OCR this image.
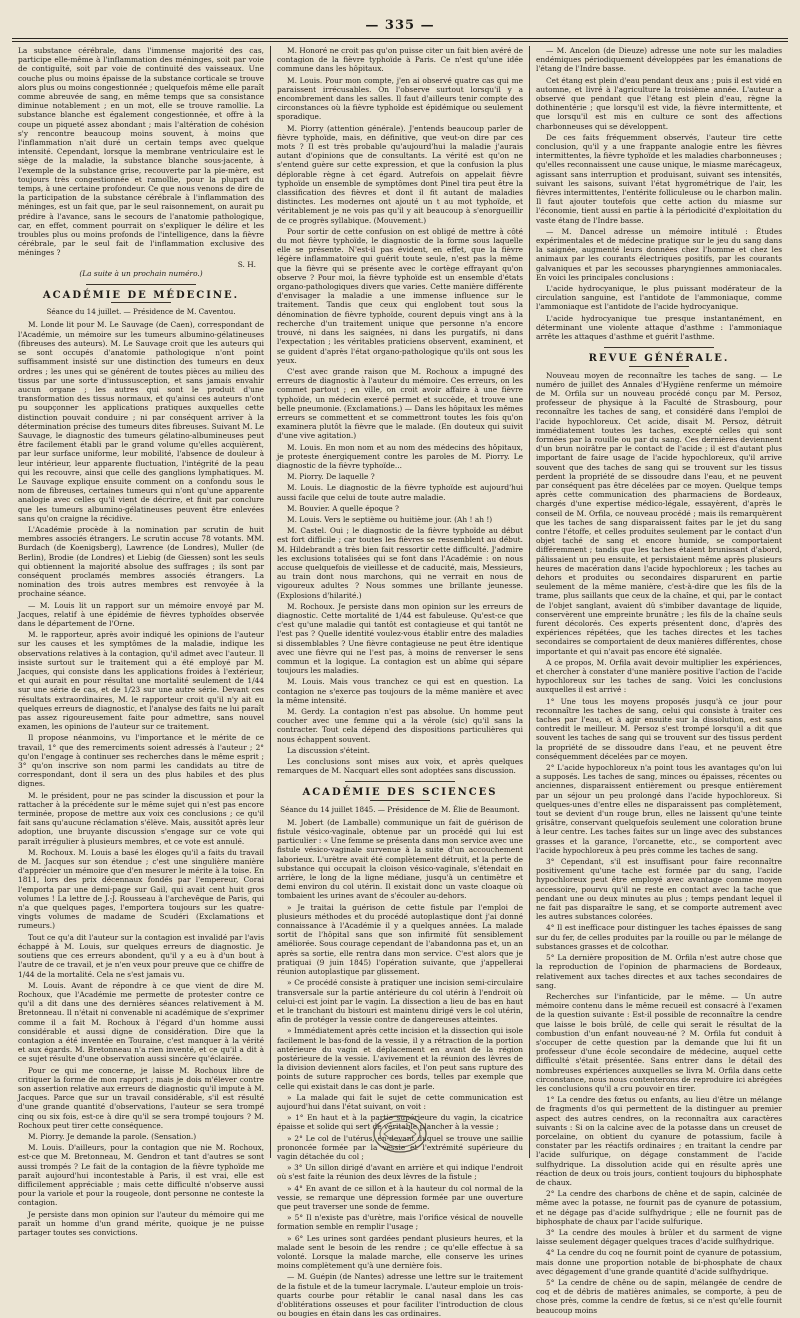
— 335 —

La substance cérébrale, dans l'immense majorité des cas, participe elle-même à l'inflammation des méninges, soit par voie de contiguïté, soit par voie de continuité des vaisseaux. Une couche plus ou moins épaisse de la substance corticale se trouve alors plus ou moins congestionnée ; quelquefois même elle paraît comme abreuvée de sang, en même temps que sa consistance diminue notablement ; en un mot, elle se trouve ramollie. La substance blanche est également congestionnée, et offre à la coupe un piqueté assez abondant ; mais l'altération de cohésion s'y rencontre beaucoup moins souvent, à moins que l'inflammation n'ait duré un certain temps avec quelque intensité. Cependant, lorsque la membrane ventriculaire est le siège de la maladie, la substance blanche sous-jacente, à l'exemple de la substance grise, recouverte par la pie-mère, est toujours très congestionnée et ramollie, pour la plupart du temps, à une certaine profondeur. Ce que nous venons de dire de la participation de la substance cérébrale à l'inflammation des méninges, est un fait que, par le seul raisonnement, on aurait pu prédire à l'avance, sans le secours de l'anatomie pathologique, car, en effet, comment pourrait on s'expliquer le délire et les troubles plus ou moins profonds de l'intelligence, dans la fièvre cérébrale, par le seul fait de l'inflammation exclusive des méninges ?

S. H.
(La suite à un prochain numéro.)
ACADÉMIE DE MÉDECINE.
Séance du 14 juillet. — Présidence de M. Caventou.

M. Londe lit pour M. Le Sauvage (de Caen), correspondant de l'Académie, un mémoire sur les tumeurs albumino-gélatineuses (fibreuses des auteurs). M. Le Sauvage croit que les auteurs qui se sont occupés d'anatomie pathologique n'ont point suffisamment insisté sur une distinction des tumeurs en deux ordres ; les unes qui se générent de toutes pièces au milieu des tissus par une sorte d'intussusception, et sans jamais envahir aucun organe ; les autres qui sont le produit d'une transformation des tissus normaux, et qu'ainsi ces auteurs n'ont pu soupçonner les applications pratiques auxquelles cette distinction pouvait conduire ; ni par conséquent arriver à la détermination précise des tumeurs dites fibreuses. Suivant M. Le Sauvage, le diagnostic des tumeurs gélatino-albumineuses peut être facilement établi par le grand volume qu'elles acquièrent, par leur surface uniforme, leur mobilité, l'absence de douleur à leur intérieur, leur apparente fluctuation, l'intégrité de la peau qui les recouvre, ainsi que celle des ganglions lymphatiques. M. Le Sauvage explique ensuite comment on a confondu sous le nom de fibreuses, certaines tumeurs qui n'ont qu'une apparente analogie avec celles qu'il vient de décrire, et finit par conclure que les tumeurs albumino-gélatineuses peuvent être enlevées sans qu'on craigne la récidive.

L'Académie procède à la nomination par scrutin de huit membres associés étrangers. Le scrutin accuse 78 votants. MM. Burdach (de Koenigsberg), Lawrence (de Londres), Muller (de Berlin), Brodie (de Londres) et Liebig (de Giessen) sont les seuls qui obtiennent la majorité absolue des suffrages ; ils sont par conséquent proclamés membres associés étrangers. La nomination des trois autres membres est renvoyée à la prochaine séance.

— M. Louis lit un rapport sur un mémoire envoyé par M. Jacques, relatif à une épidémie de fièvres typhoïdes observée dans le département de l'Orne.

M. le rapporteur, après avoir indiqué les opinions de l'auteur sur les causes et les symptômes de la maladie, indique les observations relatives à la contagion, qu'il admet avec l'auteur. Il insiste surtout sur le traitement qui a été employé par M. Jacques, qui consiste dans les applications froides à l'extérieur, et qui aurait en pour résultat une mortalité seulement de 1/44 sur une série de cas, et de 1/23 sur une autre série. Devant ces résultats extraordinaires, M. le rapporteur croit qu'il n'y ait eu quelques erreurs de diagnostic, et l'analyse des faits ne lui paraît pas assez rigoureusement faite pour admettre, sans nouvel examen, les opinions de l'auteur sur ce traitement.

Il propose néanmoins, vu l'importance et le mérite de ce travail, 1° que des remerciments soient adressés à l'auteur ; 2° qu'on l'engage à continuer ses recherches dans le même esprit ; 3° qu'on inscrive son nom parmi les candidats au titre de correspondant, dont il sera un des plus habiles et des plus dignes.

M. le président, pour ne pas scinder la discussion et pour la rattacher à la précédente sur le même sujet qui n'est pas encore terminée, propose de mettre aux voix ces conclusions ; ce qu'il fait sans qu'aucune réclamation s'élève. Mais, aussitôt après leur adoption, une bruyante discussion s'engage sur ce vote qui paraît irrégulier à plusieurs membres, et ce vote est annulé.

M. Rochoux. M. Louis a basé les éloges qu'il a faits du travail de M. Jacques sur son étendue ; c'est une singulière manière d'apprécier un mémoire que d'en mesurer le mérite à la toise. En 1811, lors des prix décennaux fondés par l'empereur, Corai l'emporta par une demi-page sur Gail, qui avait cent huit gros volumes ! La lettre de J.-J. Rousseau à l'archevêque de Paris, qui n'a que quelques pages, l'emportera toujours sur les quatre-vingts volumes de madame de Scudéri (Exclamations et rumeurs.)

Tout ce qu'a dit l'auteur sur la contagion est invalidé par l'avis échappé à M. Louis, sur quelques erreurs de diagnostic. Je soutiens que ces erreurs abondent, qu'il y a eu à d'un bout à l'autre de ce travail, et je n'en veux pour preuve que ce chiffre de 1/44 de la mortalité. Cela ne s'est jamais vu.

M. Louis. Avant de répondre à ce que vient de dire M. Rochoux, que l'Académie me permette de protester contre ce qu'il a dit dans une des dernières séances relativement à M. Bretonneau. Il n'était ni convenable ni académique de s'exprimer comme il a fait M. Rochoux à l'égard d'un homme aussi considérable et aussi digne de considération. Dire que la contagion a été inventée en Touraine, c'est manquer à la vérité et aux égards. M. Bretonneau n'a rien inventé, et ce qu'il a dit à ce sujet résulte d'une observation aussi sincère qu'éclairée.

Pour ce qui me concerne, je laisse M. Rochoux libre de critiquer la forme de mon rapport ; mais je dois m'élever contre son assertion relative aux erreurs de diagnostic qu'il impute à M. Jacques. Parce que sur un travail considérable, s'il est résulté d'une grande quantité d'observations, l'auteur se sera trompé cinq ou six fois, est-ce à dire qu'il se sera trompé toujours ? M. Rochoux peut tirer cette conséquence.

M. Piorry. Je demande la parole. (Sensation.)

M. Louis. D'ailleurs, pour la contagion que nie M. Rochoux, est-ce que M. Bretonneau, M. Gendron et tant d'autres se sont aussi trompés ? Le fait de la contagion de la fièvre typhoïde me paraît aujourd'hui incontestable à Paris, il est vrai, elle est difficilement appréciable ; mais cette difficulté n'observe aussi pour la variole et pour la rougeole, dont personne ne conteste la contagion.

Je persiste dans mon opinion sur l'auteur du mémoire qui me paraît un homme d'un grand mérite, quoique je ne puisse partager toutes ses convictions.

M. Honoré ne croit pas qu'on puisse citer un fait bien avéré de contagion de la fièvre typhoïde à Paris. Ce n'est qu'une idée commune dans les hôpitaux.

M. Louis. Pour mon compte, j'en ai observé quatre cas qui me paraissent irrécusables. On l'observe surtout lorsqu'il y a encombrement dans les salles. Il faut d'ailleurs tenir compte des circonstances où la fièvre typhoïde est épidémique ou seulement sporadique.

M. Piorry (attention générale). J'entends beaucoup parler de fièvre typhoïde, mais, en définitive, que veut-on dire par ces mots ? Il est très probable qu'aujourd'hui la maladie j'aurais autant d'opinions que de consultants. La vérité est qu'on ne s'entend guère sur cette expression, et que la confusion la plus déplorable règne à cet égard. Autrefois on appelait fièvre typhoïde un ensemble de symptômes dont Pinel tira peut être la classification des fièvres et dont il fit autant de maladies distinctes. Les modernes ont ajouté un t au mot typhoïde, et véritablement je ne vois pas qu'il y ait beaucoup à s'enorgueillir de ce progrès syllabique. (Mouvement.)

Pour sortir de cette confusion on est obligé de mettre à côté du mot fièvre typhoïde, le diagnostic de la forme sous laquelle elle se présente. N'est-il pas évident, en effet, que la fièvre légère inflammatoire qui guérit toute seule, n'est pas la même que la fièvre qui se présente avec le cortège effrayant qu'on observe ? Pour moi, la fièvre typhoïde est un ensemble d'états organo-pathologiques divers que varies. Cette manière différente d'envisager la maladie a une immense influence sur le traitement. Tandis que ceux qui englobent tout sous la dénomination de fièvre typhoïde, courent depuis vingt ans à la recherche d'un traitement unique que personne n'a encore trouvé, ni dans les saignées, ni dans les purgatifs, ni dans l'expectation ; les véritables praticiens observent, examinent, et se guident d'après l'état organo-pathologique qu'ils ont sous les yeux.

C'est avec grande raison que M. Rochoux a impugné des erreurs de diagnostic à l'auteur du mémoire. Ces erreurs, on les commet partout ; en ville, on croit avoir affaire à une fièvre typhoïde, un médecin exercé permet et succède, et trouve une belle pneumonie. (Exclamations.) — Dans les hôpitaux les mêmes erreurs se commettent et se commettront toutes les fois qu'on examinera plutôt la fièvre que le malade. (En douteux qui suivit d'une vive agitation.)

M. Louis. En mon nom et au nom des médecins des hôpitaux, je proteste énergiquement contre les paroles de M. Piorry. Le diagnostic de la fièvre typhoïde...

M. Piorry. De laquelle ?

M. Louis. Le diagnostic de la fièvre typhoïde est aujourd'hui aussi facile que celui de toute autre maladie.

M. Bouvier. A quelle époque ?

M. Louis. Vers le septième ou huitième jour. (Ah ! ah !)

M. Castel. Oui ; le diagnostic de la fièvre typhoïde au début est fort difficile ; car toutes les fièvres se ressemblent au début. M. Hildebrandt a très bien fait ressortir cette difficulté. J'admire les exclusions totalisées qui se font dans l'Académie : on nous accuse quelquefois de vieillesse et de caducité, mais, Messieurs, au train dont nous marchons, qui ne verrait en nous de vigoureux adultes ? Nous sommes une brillante jeunesse. (Explosions d'hilarité.)

M. Rochoux. Je persiste dans mon opinion sur les erreurs de diagnostic. Cette mortalité de 1/44 est fabuleuse. Qu'est-ce que c'est qu'une maladie qui tantôt est contagieuse et qui tantôt ne l'est pas ? Quelle identité voulez-vous établir entre des maladies si dissemblables ? Une fièvre contagieuse ne peut être identique avec une fièvre qui ne l'est pas, à moins de renverser le sens commun et la logique. La contagion est un abîme qui sépare toujours les maladies.

M. Louis. Mais vous tranchez ce qui est en question. La contagion ne s'exerce pas toujours de la même manière et avec la même intensité.

M. Gerdy. La contagion n'est pas absolue. Un homme peut coucher avec une femme qui a la vérole (sic) qu'il sans la contracter. Tout cela dépend des dispositions particulières qui nous échappent souvent.

La discussion s'éteint.

Les conclusions sont mises aux voix, et après quelques remarques de M. Nacquart elles sont adoptées sans discussion.

ACADÉMIE DES SCIENCES
Séance du 14 juillet 1845. — Présidence de M. Élie de Beaumont.

M. Jobert (de Lamballe) communique un fait de guérison de fistule vésico-vaginale, obtenue par un procédé qui lui est particulier : « Une femme se présenta dans mon service avec une fistule vésico-vaginale survenue à la suite d'un accouchement laborieux. L'urètre avait été complètement détruit, et la perte de substance qui occupait la cloison vésico-vaginale, s'étendait en arrière, le long de la ligne médiane, jusqu'à un centimètre et demi environ du col utérin. Il existait donc un vaste cloaque où tombaient les urines avant de s'écouler au-dehors.

» Je traitai la guérison de cette fistule par l'emploi de plusieurs méthodes et du procédé autoplastique dont j'ai donné connaissance à l'Académie il y a quelques années. La malade sortit de l'hôpital sans que son infirmité fût sensiblement améliorée. Sous courage cependant de l'abandonna pas et, un an après sa sortie, elle rentra dans mon service. C'est alors que je pratiquai (9 juin 1845) l'opération suivante, que j'appellerai réunion autoplastique par glissement.

» Ce procédé consiste à pratiquer une incision semi-circulaire transversale sur la partie antérieure du col utérin à l'endroit où celui-ci est joint par le vagin. La dissection a lieu de bas en haut et le tranchant du bistouri est maintenu dirigé vers le col utérin, afin de protéger la vessie contre de dangereuses atteintes.

» Immédiatement après cette incision et la dissection qui isole facilement le bas-fond de la vessie, il y a rétraction de la portion antérieure du vagin et déplacement en avant de la région postérieure de la vessie. L'avivement et la réunion des lèvres de la division deviennent alors faciles, et l'on peut sans rupture des points de suture rapprocher ces bords, telles par exemple que celle qui existait dans le cas dont je parle.

» La malade qui fait le sujet de cette communication est aujourd'hui dans l'état suivant, on voit :

» 1° En haut et à la partie supérieure du vagin, la cicatrice épaisse et solide qui sert de véritable plancher à la vessie ;

» 2° Le col de l'utérus, en-devant duquel se trouve une saillie prononcée formée par la vessie et l'extrémité supérieure du vagin détachée du col ;

» 3° Un sillon dirigé d'avant en arrière et qui indique l'endroit où s'est faite la réunion des deux lèvres de la fistule ;

» 4° En avant de ce sillon et à la hauteur du col normal de la vessie, se remarque une dépression formée par une ouverture que peut traverser une sonde de femme.

» 5° Il n'existe pas d'urètre, mais l'orifice vésical de nouvelle formation semble en remplir l'usage ;

» 6° Les urines sont gardées pendant plusieurs heures, et la malade sent le besoin de les rendre ; ce qu'elle effectue à sa volonté. Lorsque la malade marche, elle conserve les urines moins complètement qu'à une dernière fois.

— M. Guépin (de Nantes) adresse une lettre sur le traitement de la fistule et de la tumeur lacrymale. L'auteur emploie un trois-quarts courbe pour rétablir le canal nasal dans les cas d'oblitérations osseuses et pour faciliter l'introduction de clous ou bougies en étain dans les cas ordinaires.

— M. Ancelon (de Dieuze) adresse une note sur les maladies endémiques périodiquement développées par les émanations de l'étang de l'Indre basse.

Cet étang est plein d'eau pendant deux ans ; puis il est vidé en automne, et livré à l'agriculture la troisième année. L'auteur a observé que pendant que l'étang est plein d'eau, règne la dothinentérie ; que lorsqu'il est vide, la fièvre intermittente, et que lorsqu'il est mis en culture ce sont des affections charbonneuses qui se développent.

De ces faits fréquemment observés, l'auteur tire cette conclusion, qu'il y a une frappante analogie entre les fièvres intermittentes, la fièvre typhoïde et les maladies charbonneuses ; qu'elles reconnaissent une cause unique, le miasme marécageux, agissant sans interruption et produisant, suivant ses intensités, suivant les saisons, suivant l'état hygrométrique de l'air, les fièvres intermittentes, l'entérite folliculeuse ou le charbon malin. Il faut ajouter toutefois que cette action du miasme sur l'économie, tient aussi en partie à la périodicité d'exploitation du vaste étang de l'Indre basse.

— M. Dancel adresse un mémoire intitulé : Études expérimentales et de médecine pratique sur le jeu du sang dans la saignée, augmenté leurs données chez l'homme et chez les animaux par les courants électriques positifs, par les courants galvaniques et par les secousses pharyngiennes ammoniacales. En voici les principales conclusions :

L'acide hydrocyanique, le plus puissant modérateur de la circulation sanguine, est l'antidote de l'ammoniaque, comme l'ammoniaque est l'antidote de l'acide hydrocyanique.

L'acide hydrocyanique tue presque instantanément, en déterminant une violente attaque d'asthme : l'ammoniaque arrête les attaques d'asthme et guérit l'asthme.

REVUE GÉNÉRALE.

Nouveau moyen de reconnaître les taches de sang. — Le numéro de juillet des Annales d'Hygiène renferme un mémoire de M. Orfila sur un nouveau procédé conçu par M. Persoz, professeur de physique à la Faculté de Strasbourg, pour reconnaître les taches de sang, et considéré dans l'emploi de l'acide hypochloreux. Cet acide, disait M. Persoz, détruit immédiatement toutes les taches, excepté celles qui sont formées par la rouille ou par du sang. Ces dernières deviennent d'un brun noirâtre par le contact de l'acide ; il est d'autant plus important de faire usage de l'acide hypochloreux, qu'il arrive souvent que des taches de sang qui se trouvent sur les tissus perdent la propriété de se dissoudre dans l'eau, et ne peuvent par conséquent pas être décelées par ce moyen. Quelque temps après cette communication des pharmaciens de Bordeaux, chargés d'une expertise médico-légale, essayèrent, d'après le conseil de M. Orfila, ce nouveau procédé ; mais ils remarquèrent que les taches de sang disparaissent faites par le jet du sang contre l'étoffe, et celles produites seulement par le contact d'un objet taché de sang et encore humide, se comportaient différemment ; tandis que les taches étaient brunissant d'abord, pâlissaient un peu ensuite, et persistaient même après plusieurs heures de macération dans l'acide hypochloreux ; les taches au dehors et produites ou secondaires disparurent en partie seulement de la même manière, c'est-à-dire que les fils de la trame, plus saillants que ceux de la chaîne, et qui, par le contact de l'objet sanglant, avaient dû s'imbiber davantage de liquide, conservèrent une empreinte brunâtre ; les fils de la chaîne seuls furent décolorés. Ces experts présentent donc, d'après des expériences répétées, que les taches directes et les taches secondaires se comportaient de deux manières différentes, chose importante et qui n'avait pas encore été signalée.

A ce propos, M. Orfila avait devoir multiplier les expériences, et chercher à constater d'une manière positive l'action de l'acide hypochloreux sur les taches de sang. Voici les conclusions auxquelles il est arrivé :

1° Une tous les moyens proposés jusqu'à ce jour pour reconnaître les taches de sang, celui qui consiste à traiter ces taches par l'eau, et à agir ensuite sur la dissolution, est sans contredit le meilleur. M. Persoz s'est trompé lorsqu'il a dit que souvent les taches de sang qui se trouvent sur des tissus perdent la propriété de se dissoudre dans l'eau, et ne peuvent être conséquemment décelées par ce moyen.

2° L'acide hypochloreux n'a point tous les avantages qu'on lui a supposés. Les taches de sang, minces ou épaisses, récentes ou anciennes, disparaissent entièrement ou presque entièrement par un séjour un peu prolongé dans l'acide hypochloreux. Si quelques-unes d'entre elles ne disparaissent pas complètement, tout se devient d'un rouge brun, elles ne laissent qu'une teinte grisâtre, conservant quelquefois seulement une coloration brune à leur centre. Les taches faites sur un linge avec des substances grasses et la garance, l'orcanette, etc., se comportent avec l'acide hypochloreux à peu près comme les taches de sang.

3° Cependant, s'il est insuffisant pour faire reconnaître positivement qu'une tache est formée par du sang, l'acide hypochloreux peut être employé avec avantage comme moyen accessoire, pourvu qu'il ne reste en contact avec la tache que pendant une ou deux minutes au plus ; temps pendant lequel il ne fait pas disparaître le sang, et se comporte autrement avec les autres substances colorées.

4° Il est inefficace pour distinguer les taches épaisses de sang sur du fer, de celles produites par la rouille ou par le mélange de substances grasses et de colcothar.

5° La dernière proposition de M. Orfila n'est autre chose que la reproduction de l'opinion de pharmaciens de Bordeaux, relativement aux taches directes et aux taches secondaires de sang.

Recherches sur l'infanticide, par le même. — Un autre mémoire contenu dans le même recueil est consacré à l'examen de la question suivante : Est-il possible de reconnaître la cendre que laisse le bois brûlé, de celle qui serait le résultat de la combustion d'un enfant nouveau-né ? M. Orfila fut conduit à s'occuper de cette question par la demande que lui fit un professeur d'une école secondaire de médecine, auquel cette difficulté s'était présentée. Sans entrer dans le détail des nombreuses expériences auxquelles se livra M. Orfila dans cette circonstance, nous nous contenterons de reproduire ici abrégées les conclusions qu'il a cru pouvoir en tirer.

1° La cendre des fœtus ou enfants, au lieu d'être un mélange de fragments d'os qui permettent de la distinguer au premier aspect des autres cendres, on la reconnaîtra aux caractères suivants : Si on la calcine avec de la potasse dans un creuset de porcelaine, on obtient du cyanure de potassium, facile à constater par les réactifs ordinaires ; en traitant la cendre par l'acide sulfurique, on dégage constamment de l'acide sulfhydrique. La dissolution acide qui en résulte après une réaction de deux ou trois jours, contient toujours du biphosphate de chaux.

2° La cendre des charbons de chêne et de sapin, calcinée de même avec la potasse, ne fournit pas de cyanure de potassium, et ne dégage pas d'acide sulfhydrique ; elle ne fournit pas de biphosphate de chaux par l'acide sulfurique.

3° La cendre des moules à brûler et du sarment de vigne laisse seulement dégager quelques traces d'acide sulfhydrique.

4° La cendre du coq ne fournit point de cyanure de potassium, mais donne une proportion notable de bi-phosphate de chaux avec dégagement d'une grande quantité d'acide sulfhydrique.

5° La cendre de chêne ou de sapin, mélangée de cendre de coq et de débris de matières animales, se comporte, à peu de chose près, comme la cendre de fœtus, si ce n'est qu'elle fournit beaucoup moins
